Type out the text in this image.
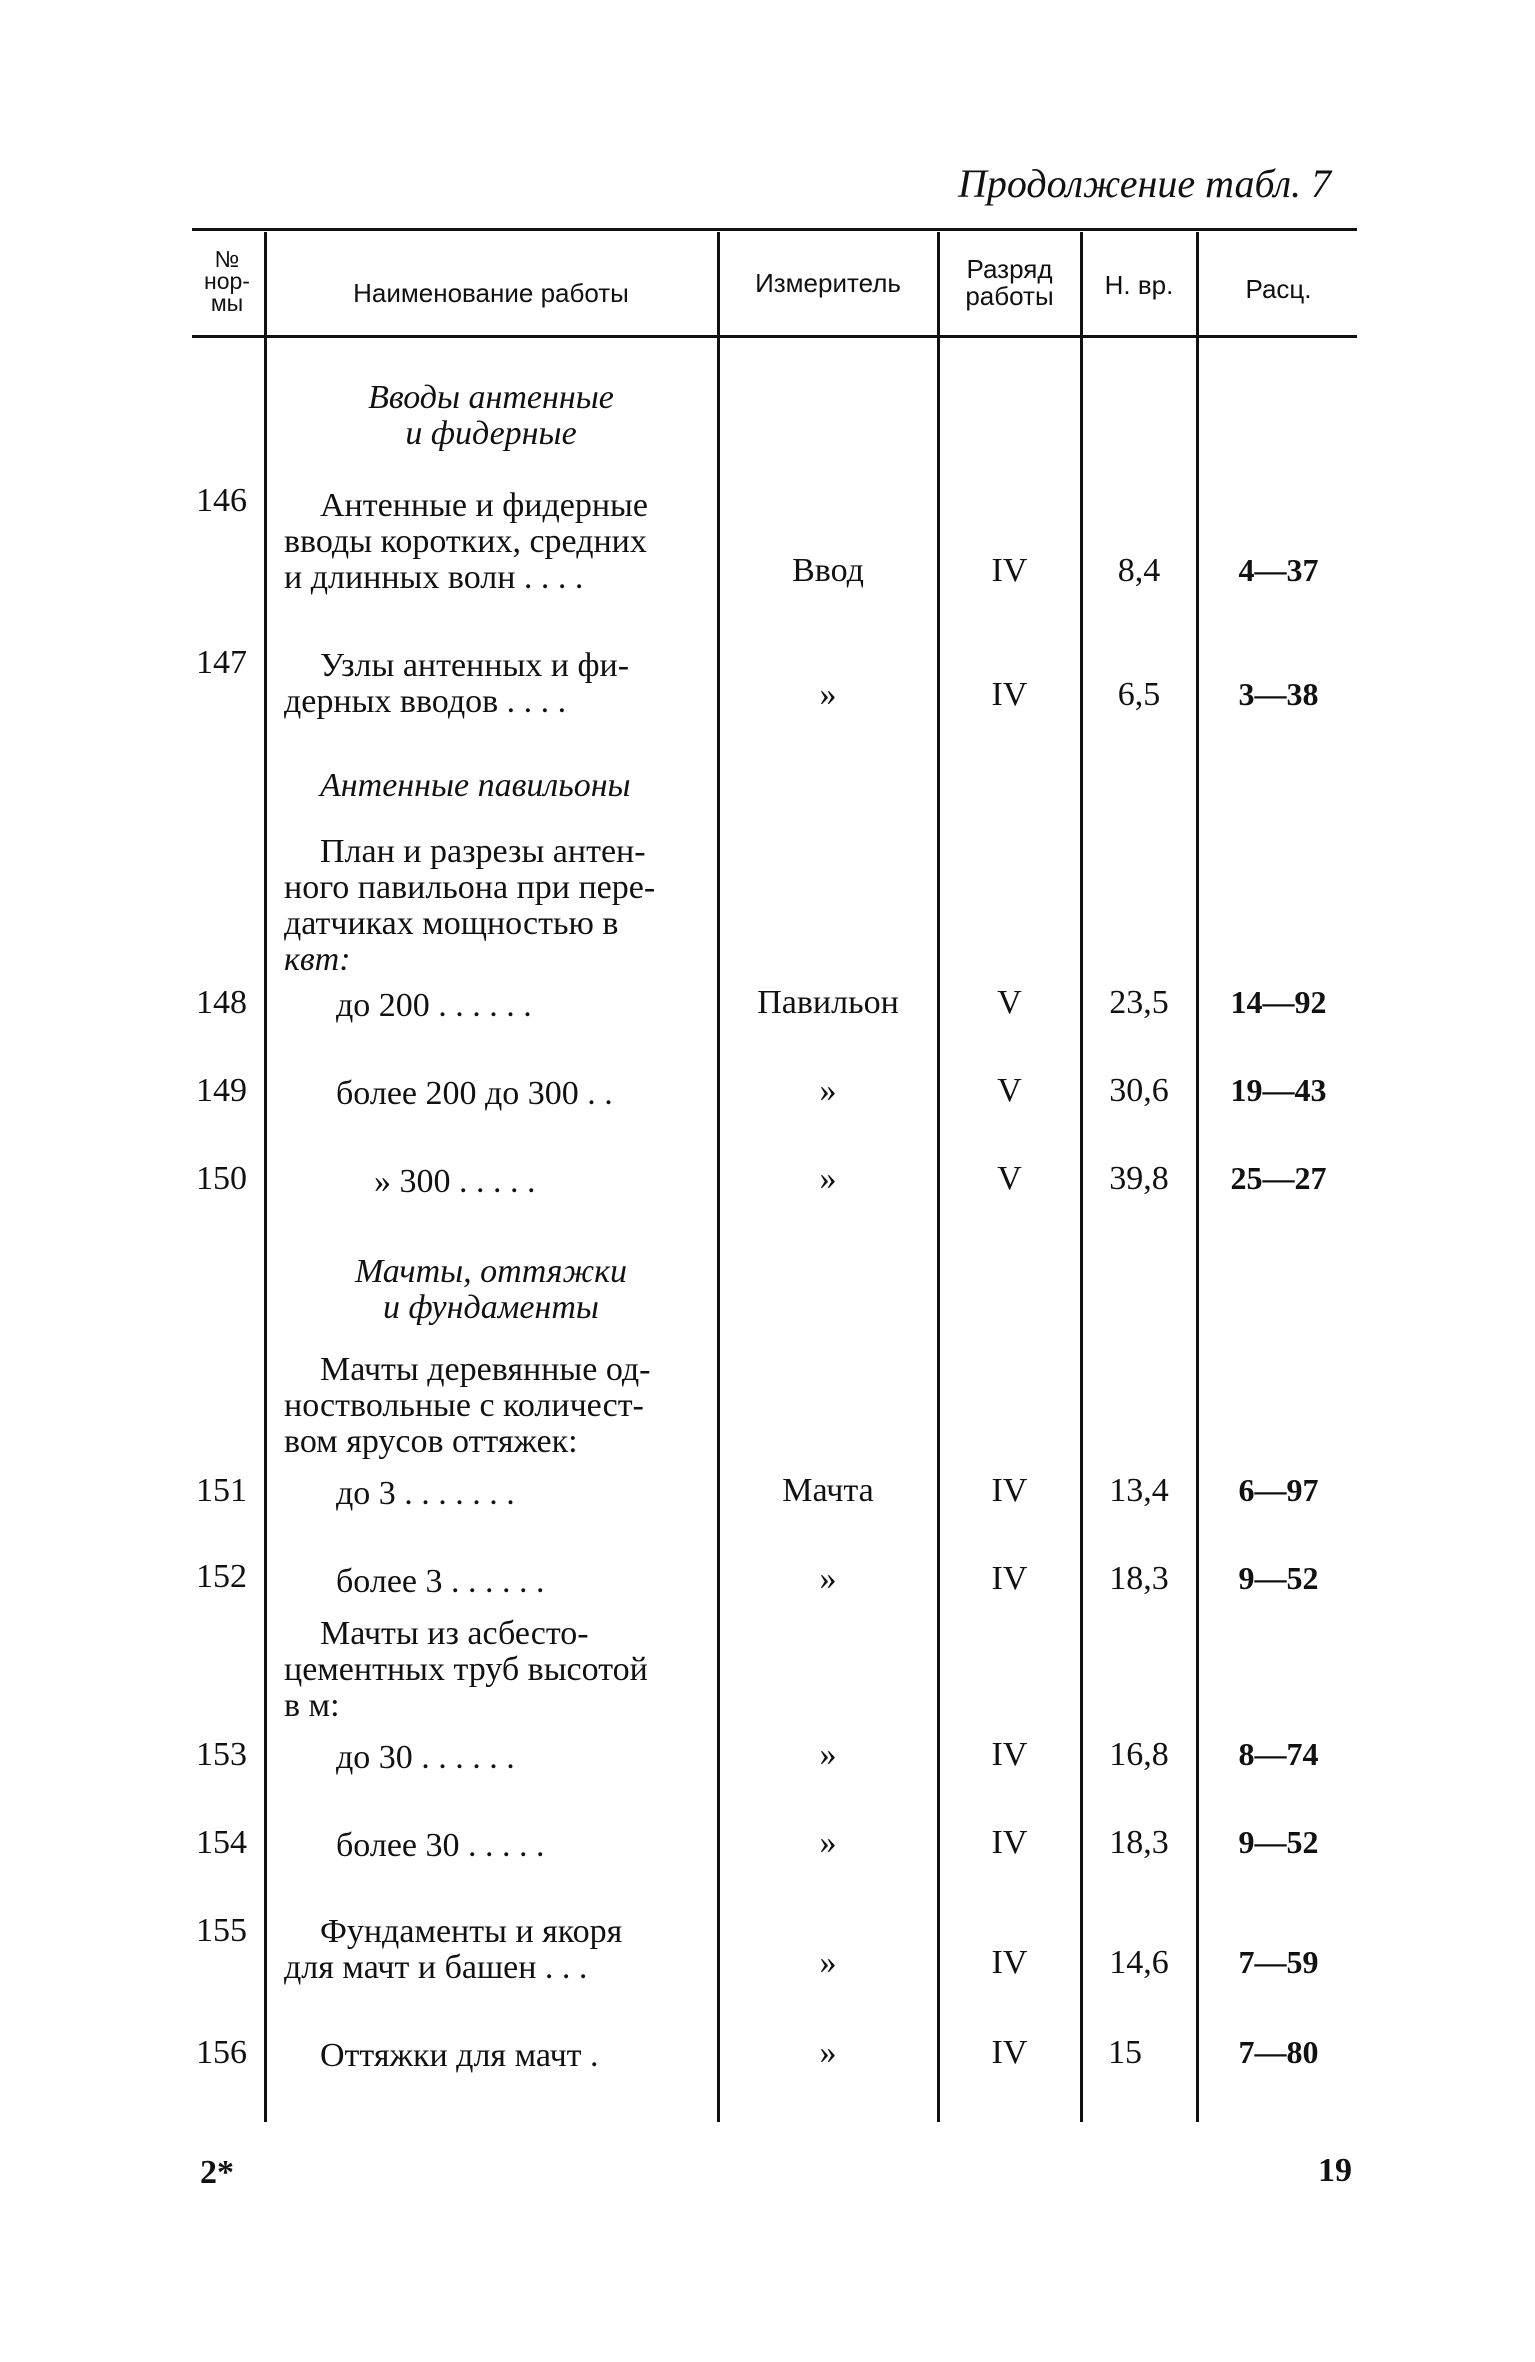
Продолжение табл. 7
№
нор-
мы	Наименование работы	Измеритель	Разряд
работы	Н. вр.	Расц.
Вводы антенные
и фидерные
146	Антенные и фидерные
вводы коротких, средних
и длинных волн . . . .	Ввод	IV	8,4	4—37
147	Узлы антенных и фи-
дерных вводов . . . .	»	IV	6,5	3—38
Антенные павильоны
План и разрезы антен-
ного павильона при пере-
датчиках мощностью в
квт:
148	до 200 . . . . . .	Павильон	V	23,5	14—92
149	более 200 до 300 . .	»	V	30,6	19—43
150	» 300 . . . . .	»	V	39,8	25—27
Мачты, оттяжки
и фундаменты
Мачты деревянные од-
ноствольные с количест-
вом ярусов оттяжек:
151	до 3 . . . . . . .	Мачта	IV	13,4	6—97
152	более 3 . . . . . .	»	IV	18,3	9—52
Мачты из асбесто-
цементных труб высотой
в м:
153	до 30 . . . . . .	»	IV	16,8	8—74
154	более 30 . . . . .	»	IV	18,3	9—52
155	Фундаменты и якоря
для мачт и башен . . .	»	IV	14,6	7—59
156 Оттяжки для мачт .	»	IV	15	7—80
2*	19
